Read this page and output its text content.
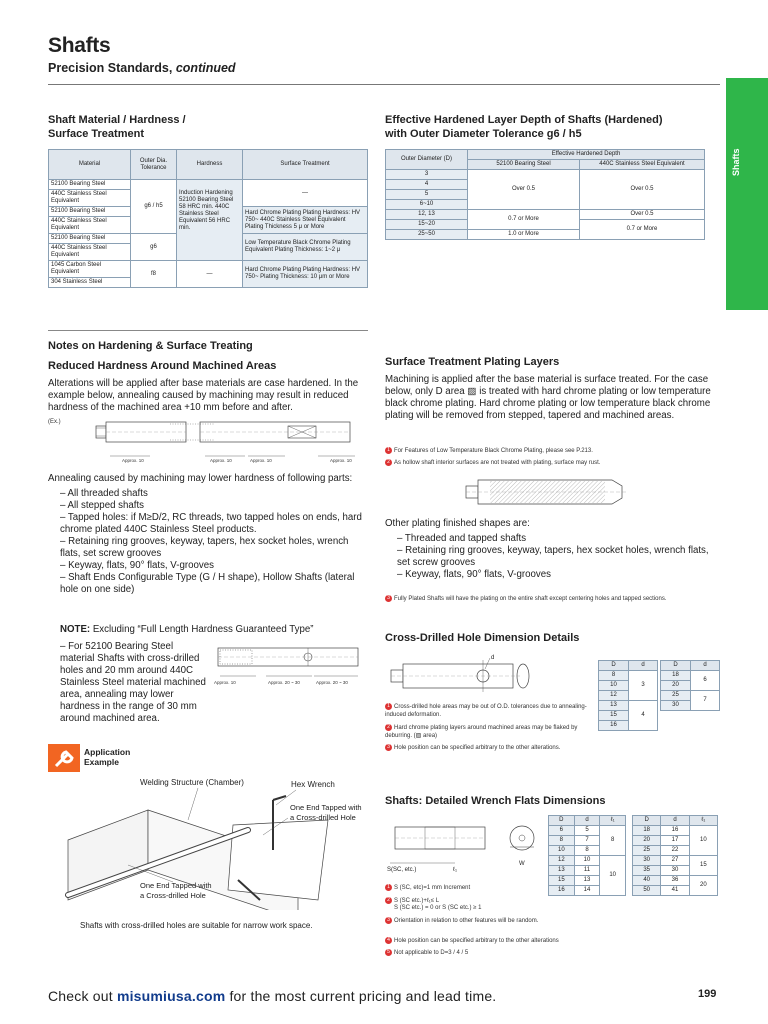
Shafts
Precision Standards, continued
Shafts
Shaft Material / Hardness /
Surface Treatment
Material	Outer Dia. Tolerance	Hardness	Surface Treatment
52100 Bearing Steel	g6 / h5	Induction Hardening 52100 Bearing Steel 58 HRC min. 440C Stainless Steel Equivalent 56 HRC min.	—
440C Stainless Steel Equivalent			
52100 Bearing Steel			Hard Chrome Plating Plating Hardness: HV 750~ 440C Stainless Steel Equivalent Plating Thickness 5 μ or More
440C Stainless Steel Equivalent			
52100 Bearing Steel	g6		Low Temperature Black Chrome Plating Equivalent Plating Thickness: 1~2 μ
440C Stainless Steel Equivalent			
1045 Carbon Steel Equivalent	f8	—	Hard Chrome Plating Plating Hardness: HV 750~ Plating Thickness: 10 μm or More
304 Stainless Steel			
Effective Hardened Layer Depth of Shafts (Hardened)
with Outer Diameter Tolerance g6 / h5
Outer Diameter (D)	Effective Hardened Depth	
	52100 Bearing Steel	440C Stainless Steel Equivalent
3	Over 0.5	Over 0.5
4		
5		
6~10		
12, 13	0.7 or More	Over 0.5
15~20		0.7 or More
25~50	1.0 or More	
Notes on Hardening & Surface Treating
Reduced Hardness Around Machined Areas
Alterations will be applied after base materials are case hardened. In the example below, annealing caused by machining may result in reduced hardness of the machined area +10 mm before and after.
(Ex.)
Approx. 10	Approx. 10	Approx. 10	Approx. 10
Annealing caused by machining may lower hardness of following parts:
– All threaded shafts
– All stepped shafts
– Tapped holes: if M≥D/2, RC threads, two tapped holes on ends, hard chrome plated 440C Stainless Steel products.
– Retaining ring grooves, keyway, tapers, hex socket holes, wrench flats, set screw grooves
– Keyway, flats, 90° flats, V-grooves
– Shaft Ends Configurable Type (G / H shape), Hollow Shafts (lateral hole on one side)
NOTE: Excluding “Full Length Hardness Guaranteed Type”
– For 52100 Bearing Steel material Shafts with cross-drilled holes and 20 mm around 440C Stainless Steel material machined area, annealing may lower hardness in the range of 30 mm around machined area.
Approx. 10	Approx. 20 ~ 30	Approx. 20 ~ 30
Application
Example
Welding Structure (Chamber)	Hex Wrench
One End Tapped with
a Cross-drilled Hole
One End Tapped with
a Cross-drilled Hole
Shafts with cross-drilled holes are suitable for narrow work space.
Surface Treatment Plating Layers
Machining is applied after the base material is surface treated. For the case below, only D area ▨ is treated with hard chrome plating or low temperature black chrome plating. Hard chrome plating or low temperature black chrome plating will be removed from stepped, tapered and machined areas.
1 For Features of Low Temperature Black Chrome Plating, please see P.213.
2 As hollow shaft interior surfaces are not treated with plating, surface may rust.
Other plating finished shapes are:
– Threaded and tapped shafts
– Retaining ring grooves, keyway, tapers, hex socket holes, wrench flats, set screw grooves
– Keyway, flats, 90° flats, V-grooves
3 Fully Plated Shafts will have the plating on the entire shaft except centering holes and tapped sections.
Cross-Drilled Hole Dimension Details
d
D	d
8	3
10	
12	
13	4
15	
16	
D	d
18	6
20	
25	7
30	
1 Cross-drilled hole areas may be out of O.D. tolerances due to annealing-induced deformation.
2 Hard chrome plating layers around machined areas may be flaked by deburring. (▨ area)
3 Hole position can be specified arbitrary to the other alterations.
Shafts: Detailed Wrench Flats Dimensions
S(SC, etc.)	ℓ₁
W
D	d	ℓ₁
6	5	8
8	7	
10	8	
12	10	10
13	11	
15	13	
16	14	
D	d	ℓ₁
18	16	10
20	17	
25	22	
30	27	15
35	30	
40	36	20
50	41	
1 S (SC, etc)=1 mm Increment
2 S (SC etc.)+ℓ₁≤ L
S (SC etc.) = 0 or S (SC etc.) ≥ 1
3 Orientation in relation to other features will be random.
4 Hole position can be specified arbitrary to the other alterations
5 Not applicable to D=3 / 4 / 5
Check out misumiusa.com for the most current pricing and lead time.	199
